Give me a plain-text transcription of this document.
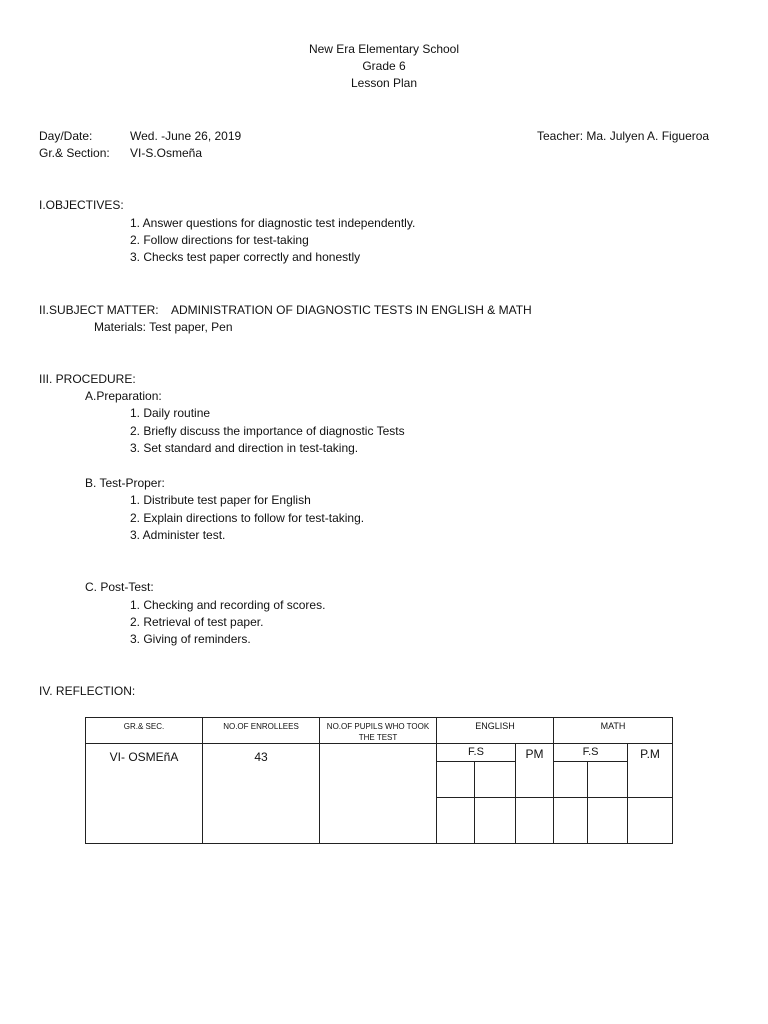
New Era Elementary School
Grade 6
Lesson Plan
Day/Date:	Wed. -June 26, 2019	Teacher: Ma. Julyen A. Figueroa
Gr.& Section: VI-S.Osmeña
I.OBJECTIVES:
1. Answer questions for diagnostic test independently.
2. Follow directions for test-taking
3. Checks test paper correctly and honestly
II.SUBJECT MATTER: ADMINISTRATION OF DIAGNOSTIC TESTS IN ENGLISH & MATH
Materials: Test paper, Pen
III. PROCEDURE:
A.Preparation:
1. Daily routine
2. Briefly discuss the importance of diagnostic Tests
3. Set standard and direction in test-taking.
B. Test-Proper:
1. Distribute test paper for English
2. Explain directions to follow for test-taking.
3. Administer test.
C. Post-Test:
1. Checking and recording of scores.
2. Retrieval of test paper.
3. Giving of reminders.
IV. REFLECTION:
GR.& SEC.	NO.OF ENROLLEES	NO.OF PUPILS WHO TOOK THE TEST	ENGLISH			MATH		
VI- OSMEñA	43		F.S		PM	F.S		P.M
